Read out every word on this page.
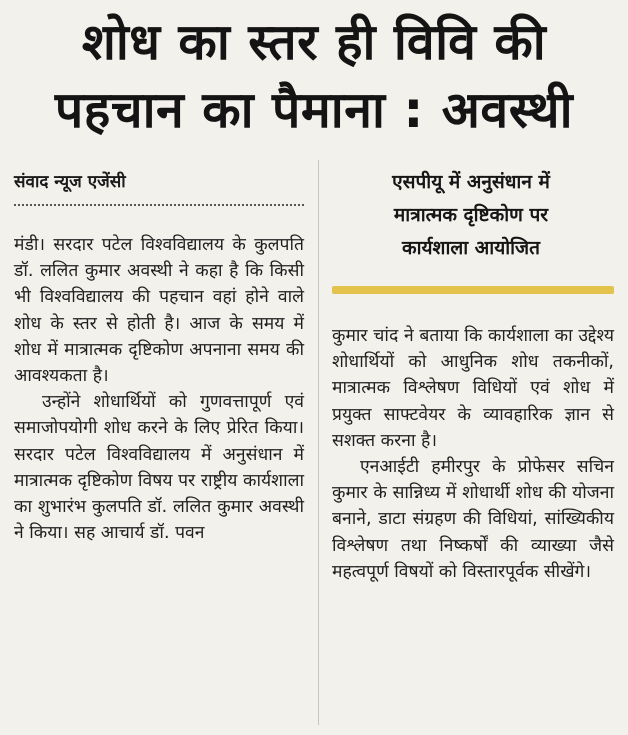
शोध का स्तर ही विवि की
पहचान का पैमाना : अवस्थी
संवाद न्यूज एजेंसी	एसपीयू में अनुसंधान में
मात्रात्मक दृष्टिकोण पर
कार्यशाला आयोजित

मंडी। सरदार पटेल विश्वविद्यालय के कुलपति डॉ. ललित कुमार अवस्थी ने कहा है कि किसी भी विश्वविद्यालय की पहचान वहां होने वाले शोध के स्तर से होती है। आज के समय में शोध में मात्रात्मक दृष्टिकोण अपनाना समय की आवश्यकता है।

उन्होंने शोधार्थियों को गुणवत्तापूर्ण एवं समाजोपयोगी शोध करने के लिए प्रेरित किया। सरदार पटेल विश्वविद्यालय में अनुसंधान में मात्रात्मक दृष्टिकोण विषय पर राष्ट्रीय कार्यशाला का शुभारंभ कुलपति डॉ. ललित कुमार अवस्थी ने किया। सह आचार्य डॉ. पवन

कुमार चांद ने बताया कि कार्यशाला का उद्देश्य शोधार्थियों को आधुनिक शोध तकनीकों, मात्रात्मक विश्लेषण विधियों एवं शोध में प्रयुक्त साफ्टवेयर के व्यावहारिक ज्ञान से सशक्त करना है।

एनआईटी हमीरपुर के प्रोफेसर सचिन कुमार के सान्निध्य में शोधार्थी शोध की योजना बनाने, डाटा संग्रहण की विधियां, सांख्यिकीय विश्लेषण तथा निष्कर्षों की व्याख्या जैसे महत्वपूर्ण विषयों को विस्तारपूर्वक सीखेंगे।
